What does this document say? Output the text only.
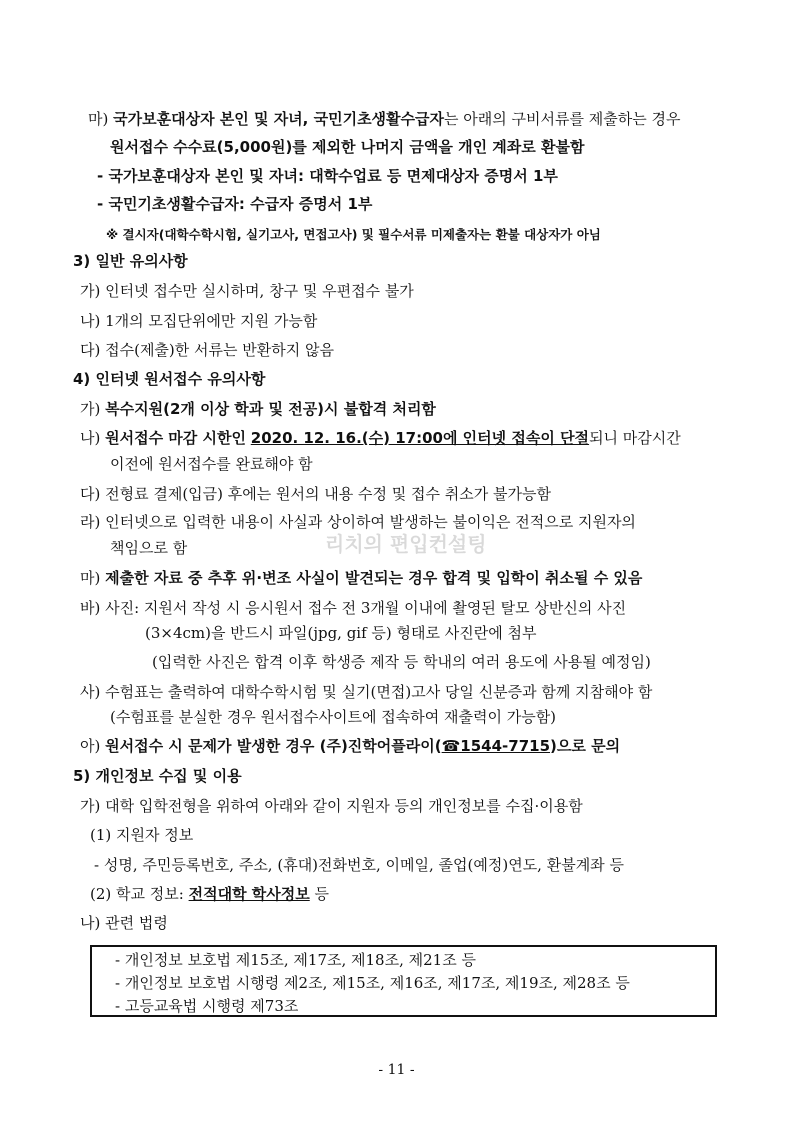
마) 국가보훈대상자 본인 및 자녀, 국민기초생활수급자는 아래의 구비서류를 제출하는 경우
원서접수 수수료(5,000원)를 제외한 나머지 금액을 개인 계좌로 환불함
- 국가보훈대상자 본인 및 자녀: 대학수업료 등 면제대상자 증명서 1부
- 국민기초생활수급자: 수급자 증명서 1부
※ 결시자(대학수학시험, 실기고사, 면접고사) 및 필수서류 미제출자는 환불 대상자가 아님
3) 일반 유의사항
가) 인터넷 접수만 실시하며, 창구 및 우편접수 불가
나) 1개의 모집단위에만 지원 가능함
다) 접수(제출)한 서류는 반환하지 않음
4) 인터넷 원서접수 유의사항
가) 복수지원(2개 이상 학과 및 전공)시 불합격 처리함
나) 원서접수 마감 시한인 2020. 12. 16.(수) 17:00에 인터넷 접속이 단절되니 마감시간
이전에 원서접수를 완료해야 함
다) 전형료 결제(입금) 후에는 원서의 내용 수정 및 접수 취소가 불가능함
라) 인터넷으로 입력한 내용이 사실과 상이하여 발생하는 불이익은 전적으로 지원자의
책임으로 함
마) 제출한 자료 중 추후 위·변조 사실이 발견되는 경우 합격 및 입학이 취소될 수 있음
바) 사진: 지원서 작성 시 응시원서 접수 전 3개월 이내에 촬영된 탈모 상반신의 사진
(3×4cm)을 반드시 파일(jpg, gif 등) 형태로 사진란에 첨부
(입력한 사진은 합격 이후 학생증 제작 등 학내의 여러 용도에 사용될 예정임)
사) 수험표는 출력하여 대학수학시험 및 실기(면접)고사 당일 신분증과 함께 지참해야 함
(수험표를 분실한 경우 원서접수사이트에 접속하여 재출력이 가능함)
아) 원서접수 시 문제가 발생한 경우 (주)진학어플라이(☎1544-7715)으로 문의
5) 개인정보 수집 및 이용
가) 대학 입학전형을 위하여 아래와 같이 지원자 등의 개인정보를 수집·이용함
(1) 지원자 정보
- 성명, 주민등록번호, 주소, (휴대)전화번호, 이메일, 졸업(예정)연도, 환불계좌 등
(2) 학교 정보: 전적대학 학사정보 등
나) 관련 법령
- 개인정보 보호법 제15조, 제17조, 제18조, 제21조 등
- 개인정보 보호법 시행령 제2조, 제15조, 제16조, 제17조, 제19조, 제28조 등
- 고등교육법 시행령 제73조
리치의 편입컨설팅
- 11 -
